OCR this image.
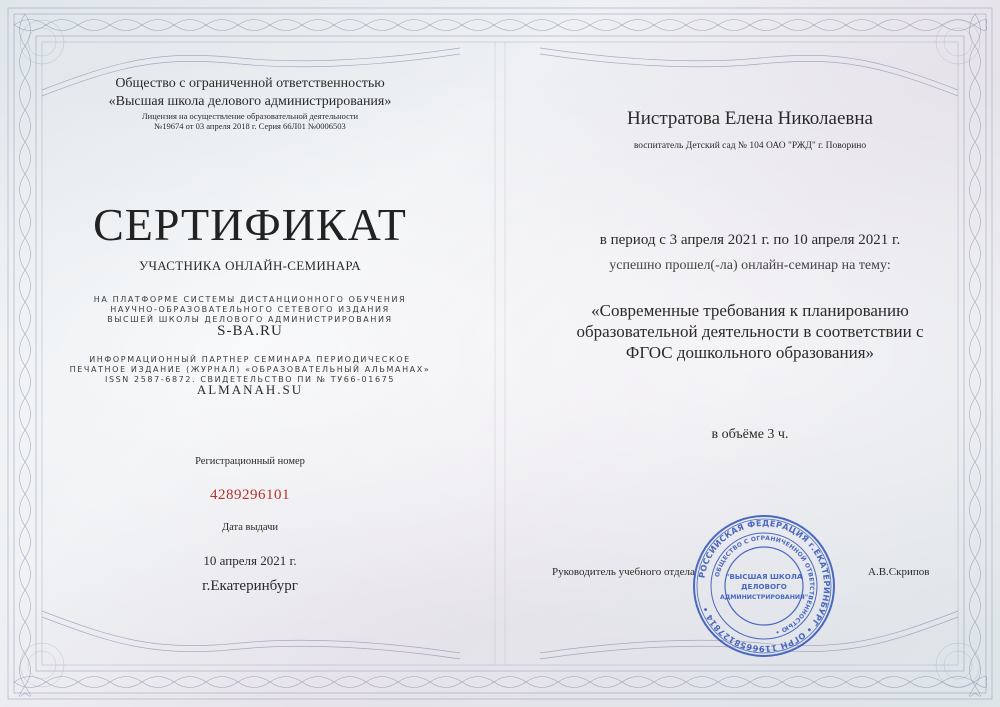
Общество с ограниченной ответственностью

«Высшая школа делового администрирования»

Лицензия на осуществление образовательной деятельности

№19674 от 03 апреля 2018 г. Серия 66Л01 №0006503

СЕРТИФИКАТ

УЧАСТНИКА ОНЛАЙН-СЕМИНАРА

НА ПЛАТФОРМЕ СИСТЕМЫ ДИСТАНЦИОННОГО ОБУЧЕНИЯ

НАУЧНО-ОБРАЗОВАТЕЛЬНОГО СЕТЕВОГО ИЗДАНИЯ

ВЫСШЕЙ ШКОЛЫ ДЕЛОВОГО АДМИНИСТРИРОВАНИЯ

S-BA.RU

ИНФОРМАЦИОННЫЙ ПАРТНЕР СЕМИНАРА ПЕРИОДИЧЕСКОЕ

ПЕЧАТНОЕ ИЗДАНИЕ (ЖУРНАЛ) «ОБРАЗОВАТЕЛЬНЫЙ АЛЬМАНАХ»

ISSN 2587-6872. СВИДЕТЕЛЬСТВО ПИ № ТУ66-01675

ALMANAH.SU

Регистрационный номер

4289296101

Дата выдачи

10 апреля 2021 г.

г.Екатеринбург

Нистратова Елена Николаевна

воспитатель Детский сад № 104 ОАО "РЖД" г. Поворино

в период с 3 апреля 2021 г. по 10 апреля 2021 г.

успешно прошел(-ла) онлайн-семинар на тему:

«Современные требования к планированию образовательной деятельности в соответствии с ФГОС дошкольного образования»

в объёме 3 ч.

Руководитель учебного отдела	А.В.Скрипов
РОССИЙСКАЯ ФЕДЕРАЦИЯ г.ЕКАТЕРИНБУРГ • ОГРН 1196658127814 •
ОБЩЕСТВО С ОГРАНИЧЕННОЙ ОТВЕТСТВЕННОСТЬЮ •
"ВЫСШАЯ ШКОЛА
ДЕЛОВОГО
АДМИНИСТРИРОВАНИЯ"
